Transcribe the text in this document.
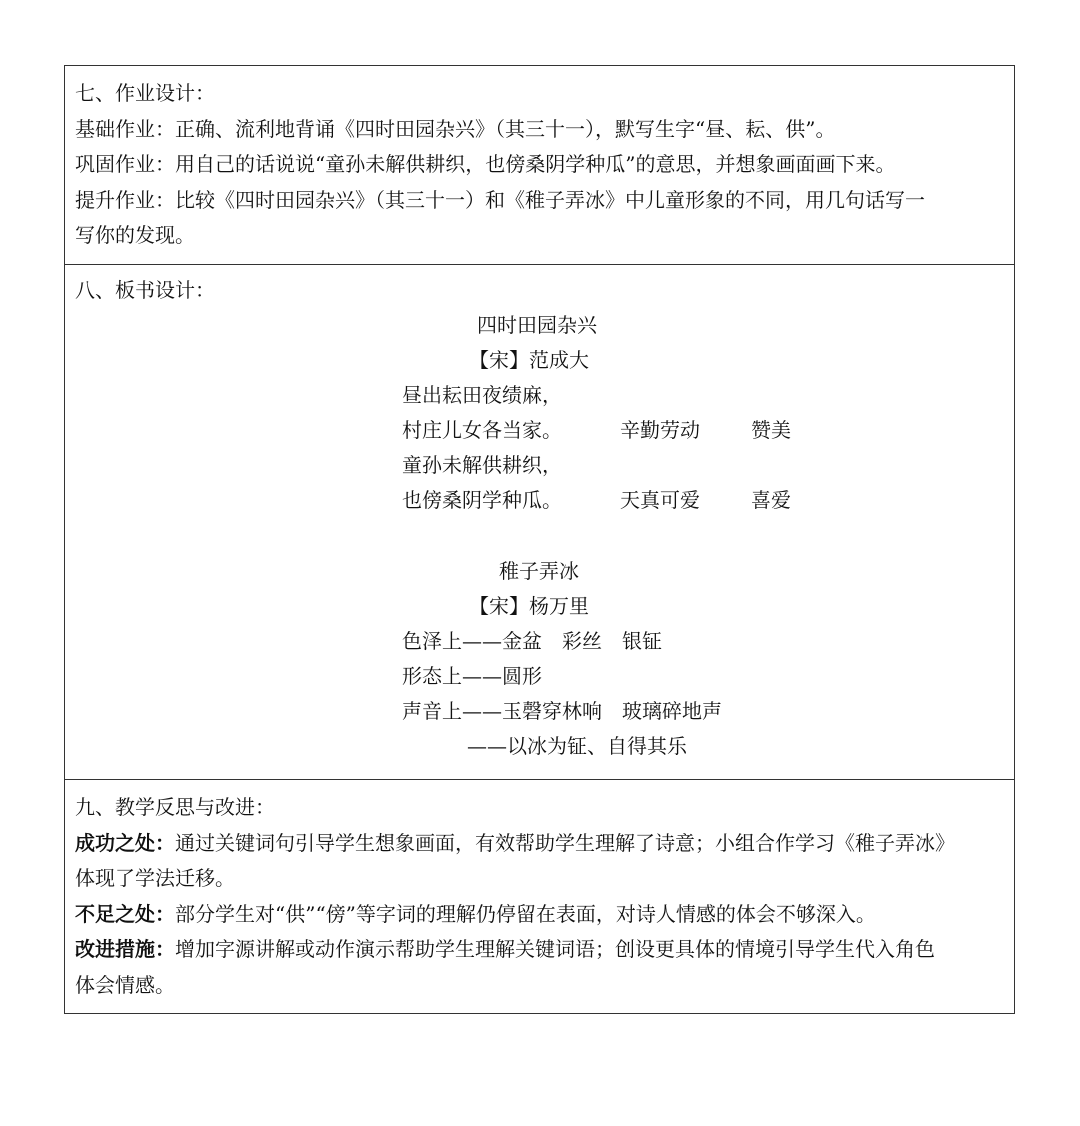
七、作业设计：
基础作业：正确、流利地背诵《四时田园杂兴》（其三十一），默写生字“昼、耘、供”。
巩固作业：用自己的话说说“童孙未解供耕织，也傍桑阴学种瓜”的意思，并想象画面画下来。
提升作业：比较《四时田园杂兴》（其三十一）和《稚子弄冰》中儿童形象的不同，用几句话写一
写你的发现。
八、板书设计：
四时田园杂兴
【宋】范成大
昼出耘田夜绩麻，
村庄儿女各当家。	辛勤劳动	赞美
童孙未解供耕织，
也傍桑阴学种瓜。	天真可爱	喜爱
稚子弄冰
【宋】杨万里
色泽上——金盆　彩丝　银钲
形态上——圆形
声音上——玉磬穿林响　玻璃碎地声
——以冰为钲、自得其乐
九、教学反思与改进：
成功之处：通过关键词句引导学生想象画面，有效帮助学生理解了诗意；小组合作学习《稚子弄冰》
体现了学法迁移。
不足之处：部分学生对“供”“傍”等字词的理解仍停留在表面，对诗人情感的体会不够深入。
改进措施：增加字源讲解或动作演示帮助学生理解关键词语；创设更具体的情境引导学生代入角色
体会情感。
